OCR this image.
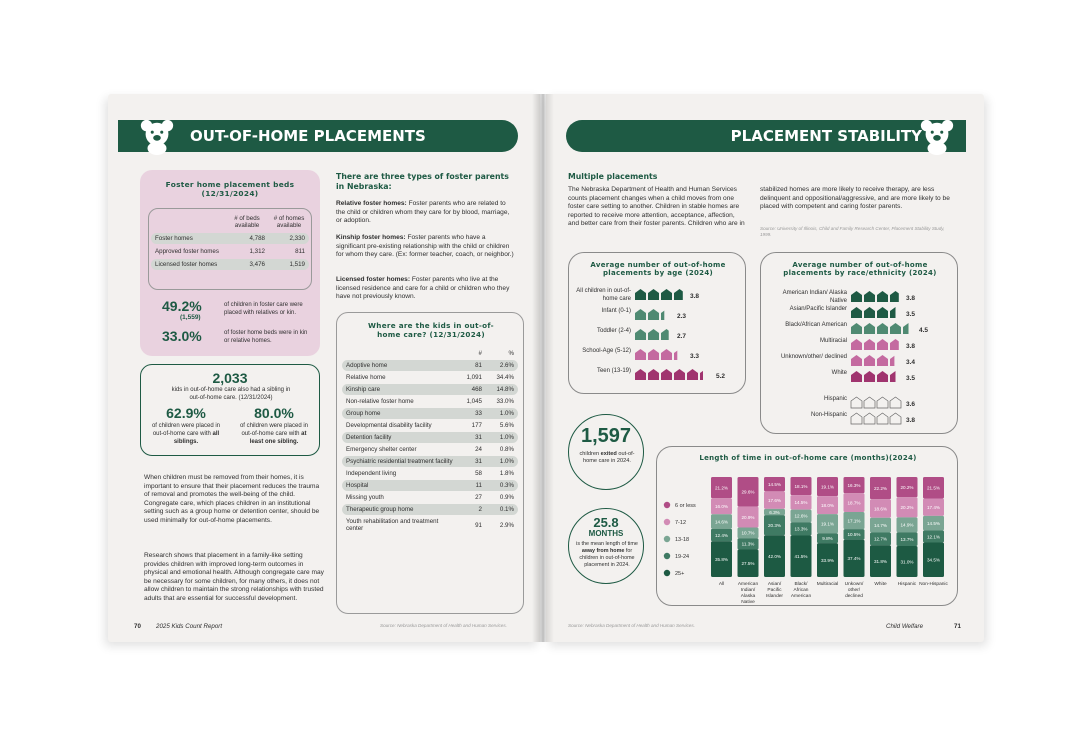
OUT-OF-HOME PLACEMENTS
Foster home placement beds (12/31/2024)
	# of beds available	# of homes available
Foster homes	4,788	2,330
Approved foster homes	1,312	811
Licensed foster homes	3,476	1,519
49.2%
(1,559)
of children in foster care were placed with relatives or kin.
33.0%	of foster home beds were in kin or relative homes.
2,033
kids in out-of-home care also had a sibling in out-of-home care. (12/31/2024)
62.9%
of children were placed in out-of-home care with all siblings.
80.0%
of children were placed in out-of-home care with at least one sibling.
When children must be removed from their homes, it is important to ensure that their placement reduces the trauma of removal and promotes the well-being of the child. Congregate care, which places children in an institutional setting such as a group home or detention center, should be used minimally for out-of-home placements.
Research shows that placement in a family-like setting provides children with improved long-term outcomes in physical and emotional health. Although congregate care may be necessary for some children, for many others, it does not allow children to maintain the strong relationships with trusted adults that are essential for successful development.
There are three types of foster parents in Nebraska:
Relative foster homes: Foster parents who are related to the child or children whom they care for by blood, marriage, or adoption.
Kinship foster homes: Foster parents who have a significant pre-existing relationship with the child or children for whom they care. (Ex: former teacher, coach, or neighbor.)
Licensed foster homes: Foster parents who live at the licensed residence and care for a child or children who they have not previously known.
Where are the kids in out-of-home care? (12/31/2024)
	#	%
Adoptive home	81	2.6%
Relative home	1,091	34.4%
Kinship care	468	14.8%
Non-relative foster home	1,045	33.0%
Group home	33	1.0%
Developmental disability facility	177	5.6%
Detention facility	31	1.0%
Emergency shelter center	24	0.8%
Psychiatric residential treatment facility	31	1.0%
Independent living	58	1.8%
Hospital	11	0.3%
Missing youth	27	0.9%
Therapeutic group home	2	0.1%
Youth rehabilitation and treatment center	91	2.9%
Source: Nebraska Department of Health and Human Services.
70 2025 Kids Count Report
PLACEMENT STABILITY
Multiple placements
The Nebraska Department of Health and Human Services counts placement changes when a child moves from one foster care setting to another. Children in stable homes are reported to receive more attention, acceptance, affection, and better care from their foster parents. Children who are in
stabilized homes are more likely to receive therapy, are less delinquent and oppositional/aggressive, and are more likely to be placed with competent and caring foster parents.
Source: University of Illinois, Child and Family Research Center, Placement Stability Study, 1999.
Average number of out-of-home placements by age (2024)
All children in out-of-home care	3.8
Infant (0-1)
2.3
Toddler (2-4)
2.7
School-Age (5-12)
3.3
Teen (13-19)
5.2
Average number of out-of-home placements by race/ethnicity (2024)
American Indian/ Alaska Native	3.8
Asian/Pacific Islander
3.5
Black/African American
4.5
Multiracial
3.8
Unknown/other/ declined
3.4
White
3.5
Hispanic
3.6
Non-Hispanic
3.8
1,597
children exited out-of-home care in 2024.
25.8
MONTHS
is the mean length of time away from home for children in out-of-home placement in 2024.
Length of time in out-of-home care (months)(2024)
6 or less
7-12
13-18
19-24
25+
21.2%
16.0%
14.6%
12.4%
35.8%
All
29.6%
20.9%
10.7%
11.3%
27.5%
American
Indian/
Alaska
Native
14.5%
17.6%
6.3%
20.3%
42.0%
Asian/
Pacific
Islander
18.1%
14.5%
12.6%
13.3%
41.5%
Black/
African
American
19.1%
18.0%
19.1%
9.8%
33.9%
Multiracial
16.3%
18.7%
17.1%
10.5%
37.4%
Unkown/
other/
declined
22.2%
18.6%
14.7%
12.7%
31.8%
White
20.2%
20.2%
14.9%
13.7%
31.0%
Hispanic
21.5%
17.4%
14.5%
12.1%
34.5%
Non-Hispanic
Source: Nebraska Department of Health and Human Services.	Child Welfare	71
